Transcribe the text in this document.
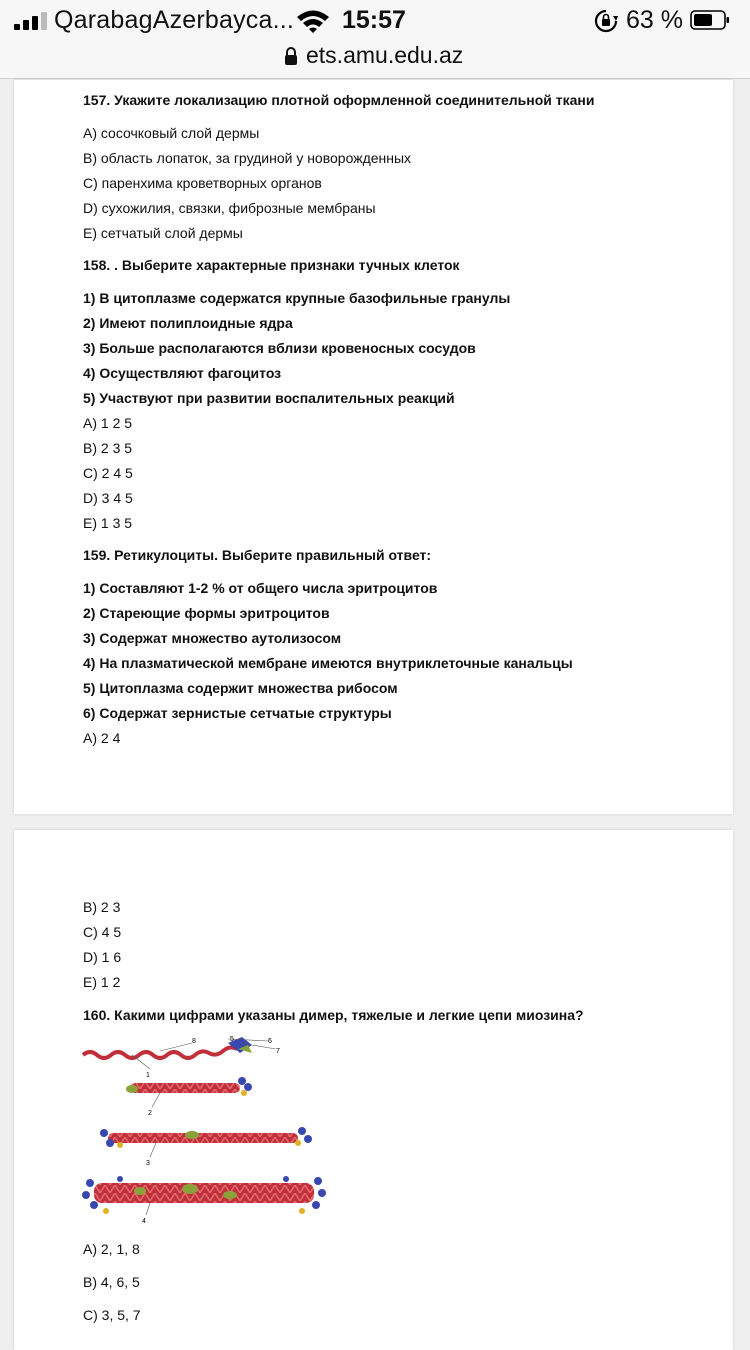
QarabagAzerbayca... 15:57	63 %
ets.amu.edu.az
157. Укажите локализацию плотной оформленной соединительной ткани
A) сосочковый слой дермы
B) область лопаток, за грудиной у новорожденных
C) паренхима кроветворных органов
D) сухожилия, связки, фиброзные мембраны
E) сетчатый слой дермы
158. . Выберите характерные признаки тучных клеток
1) В цитоплазме содержатся крупные базофильные гранулы
2) Имеют полиплоидные ядра
3) Больше располагаются вблизи кровеносных сосудов
4) Осуществляют фагоцитоз
5) Участвуют при развитии воспалительных реакций
A) 1 2 5
B) 2 3 5
C) 2 4 5
D) 3 4 5
E) 1 3 5
159. Ретикулоциты. Выберите правильный ответ:
1) Составляют 1-2 % от общего числа эритроцитов
2) Стареющие формы эритроцитов
3) Содержат множество аутолизосом
4) На плазматической мембране имеются внутриклеточные канальцы
5) Цитоплазма содержит множества рибосом
6) Содержат зернистые сетчатые структуры
A) 2 4
B) 2 3
C) 4 5
D) 1 6
E) 1 2
160. Какими цифрами указаны димер, тяжелые и легкие цепи миозина?
1
8	5	6
7
2
3
4
A) 2, 1, 8
B) 4, 6, 5
C) 3, 5, 7
